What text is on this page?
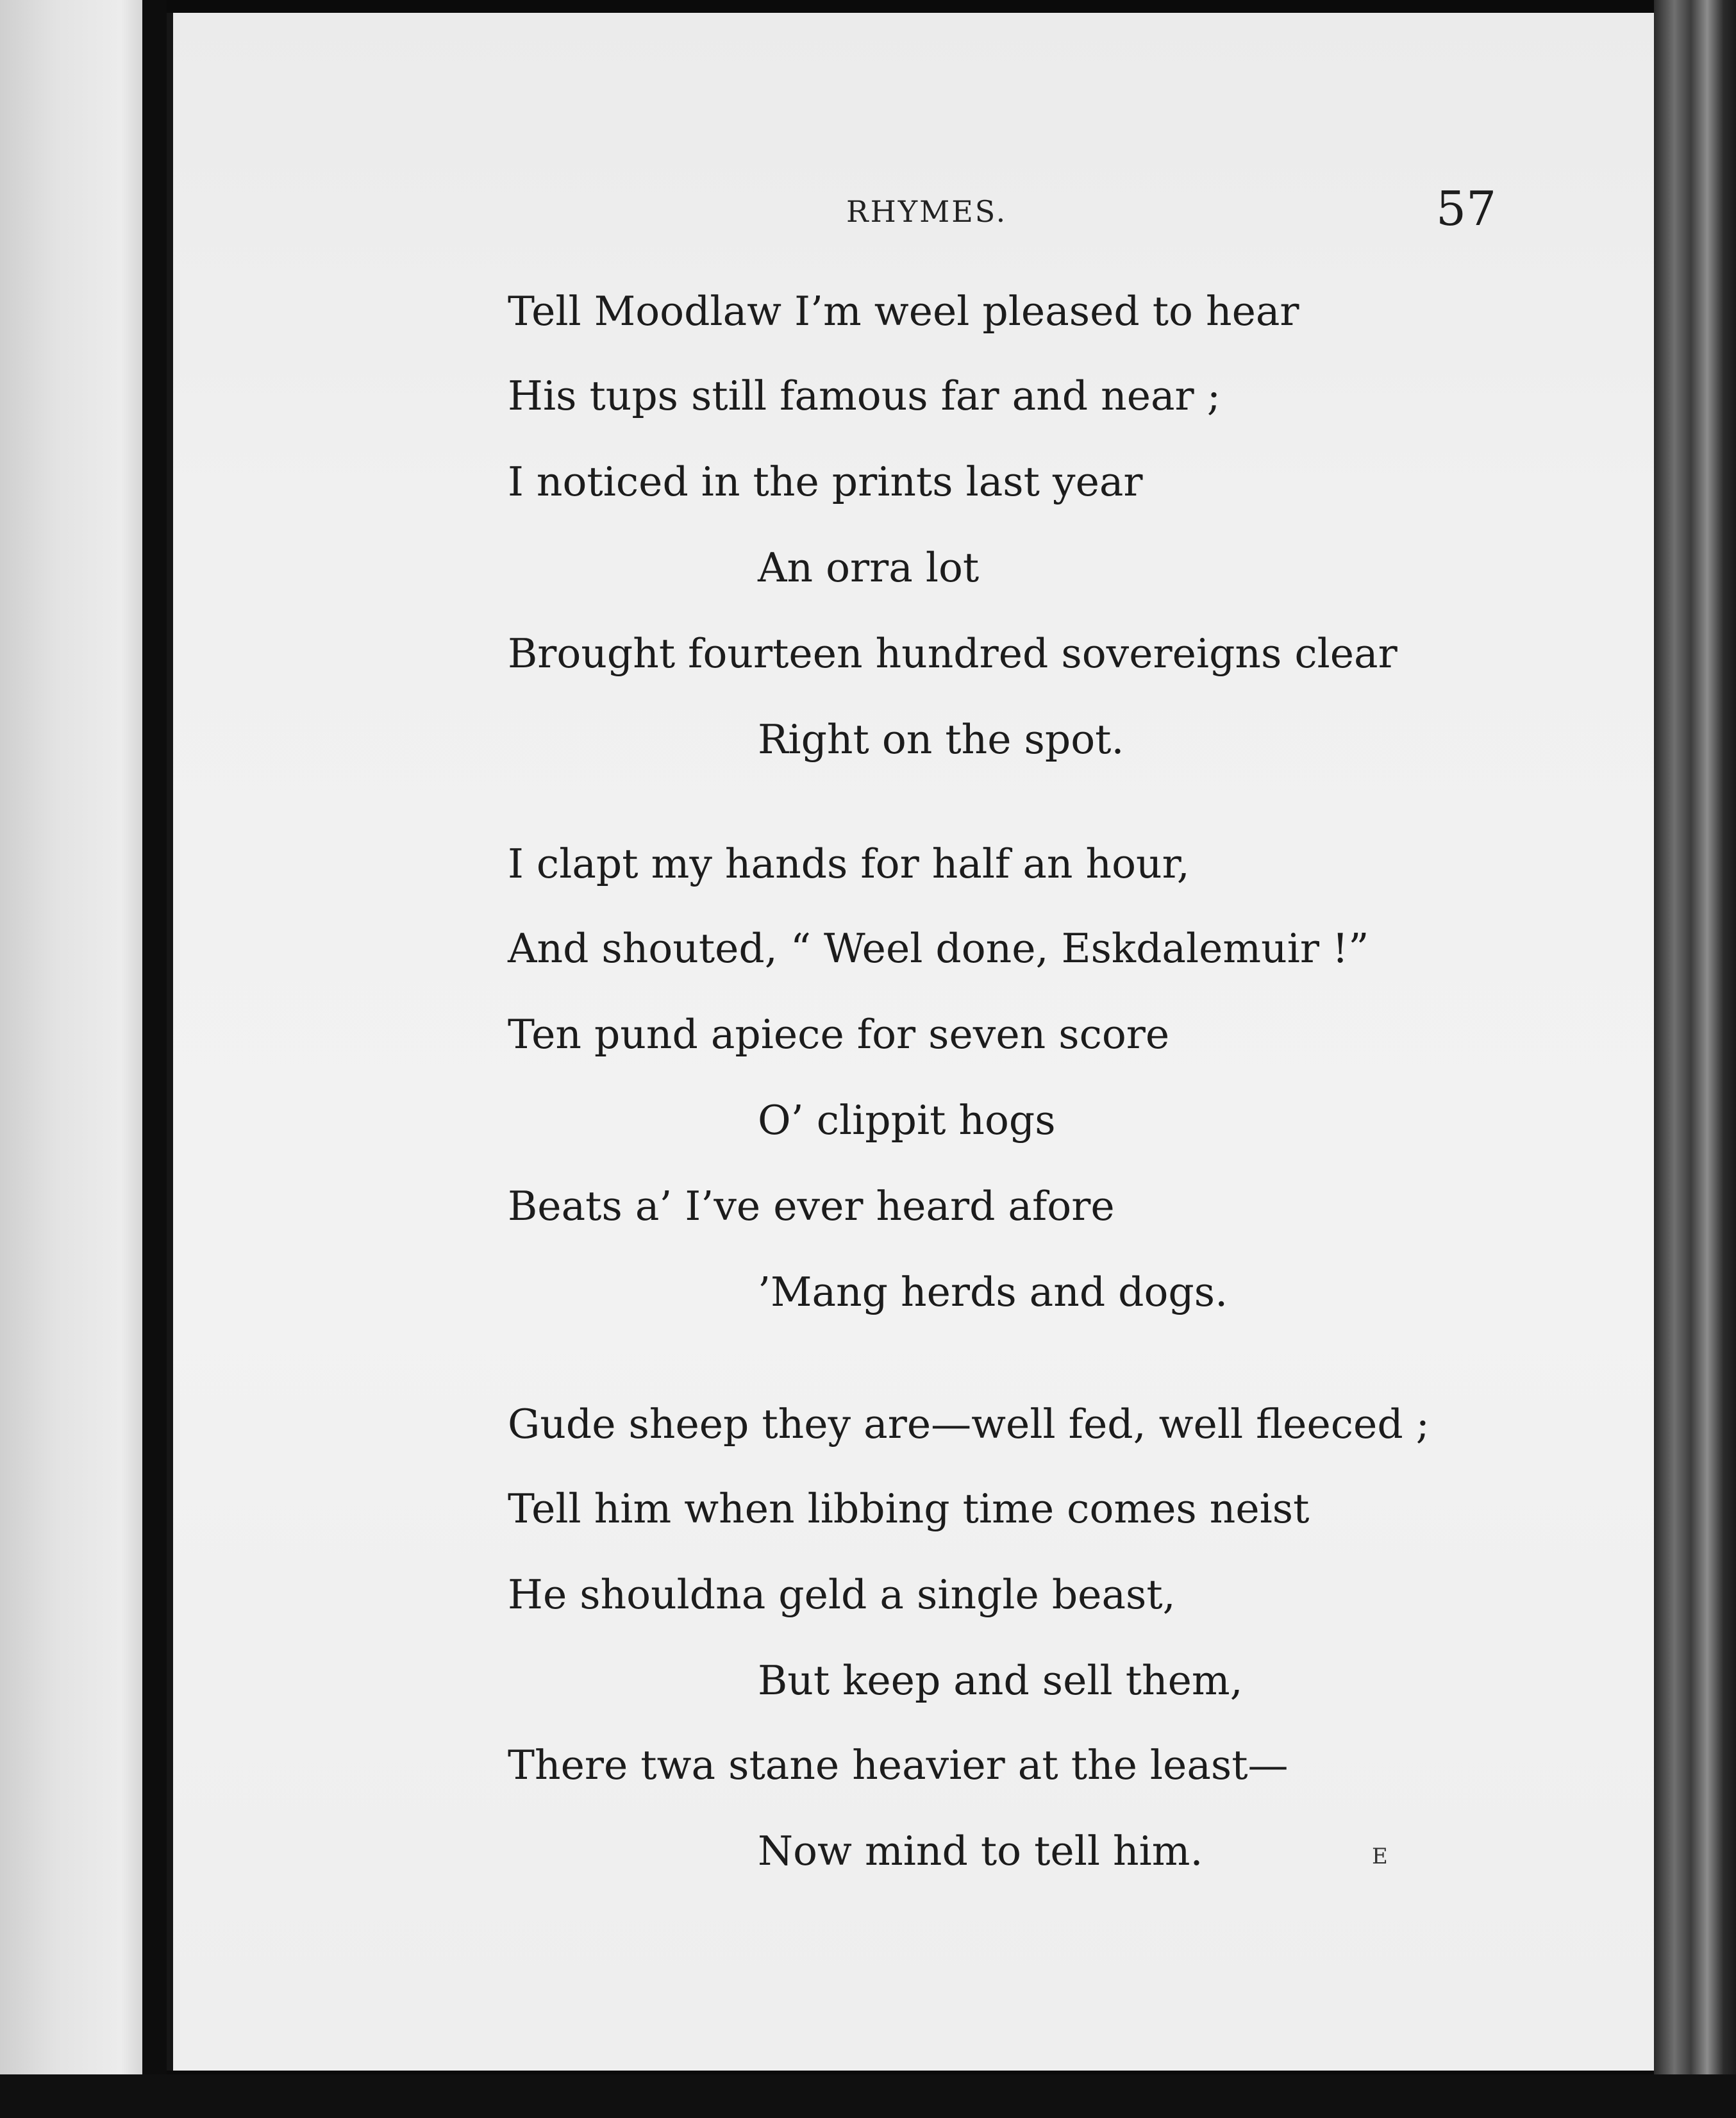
RHYMES.	57
Tell Moodlaw I’m weel pleased to hear
His tups still famous far and near ;
I noticed in the prints last year
An orra lot
Brought fourteen hundred sovereigns clear
Right on the spot.
I clapt my hands for half an hour,
And shouted, “ Weel done, Eskdalemuir !”
Ten pund apiece for seven score
O’ clippit hogs
Beats a’ I’ve ever heard afore
’Mang herds and dogs.
Gude sheep they are—well fed, well fleeced ;
Tell him when libbing time comes neist
He shouldna geld a single beast,
But keep and sell them,
There twa stane heavier at the least—
Now mind to tell him.	E
